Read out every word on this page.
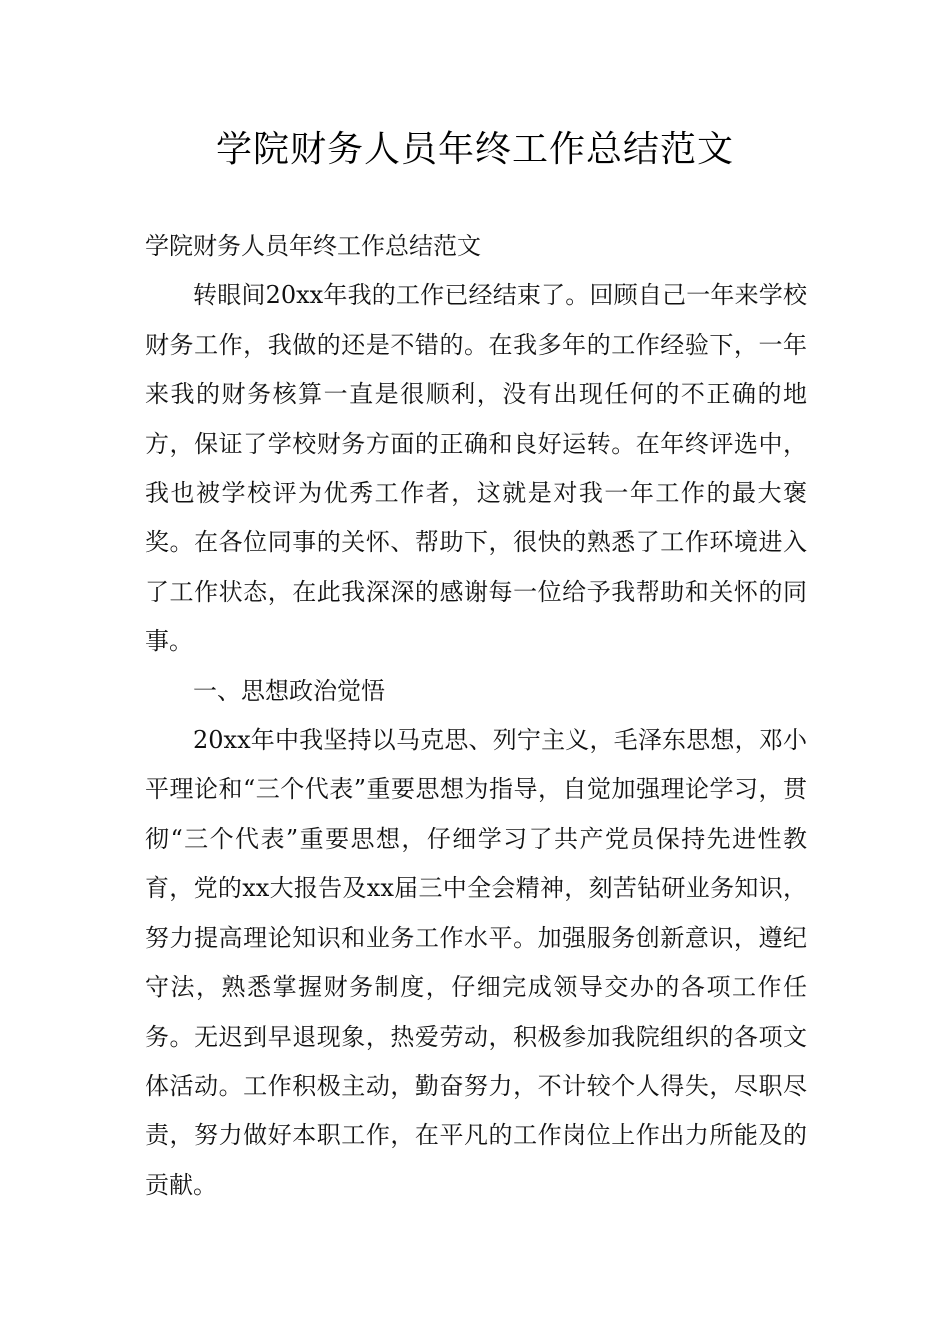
学院财务人员年终工作总结范文

学院财务人员年终工作总结范文

转眼间20xx年我的工作已经结束了。回顾自己一年来学校财务工作，我做的还是不错的。在我多年的工作经验下，一年来我的财务核算一直是很顺利，没有出现任何的不正确的地方，保证了学校财务方面的正确和良好运转。在年终评选中，我也被学校评为优秀工作者，这就是对我一年工作的最大褒奖。在各位同事的关怀、帮助下，很快的熟悉了工作环境进入了工作状态，在此我深深的感谢每一位给予我帮助和关怀的同事。

一、思想政治觉悟

20xx年中我坚持以马克思、列宁主义，毛泽东思想，邓小平理论和“三个代表”重要思想为指导，自觉加强理论学习，贯彻“三个代表”重要思想，仔细学习了共产党员保持先进性教育，党的xx大报告及xx届三中全会精神，刻苦钻研业务知识，努力提高理论知识和业务工作水平。加强服务创新意识，遵纪守法，熟悉掌握财务制度，仔细完成领导交办的各项工作任务。无迟到早退现象，热爱劳动，积极参加我院组织的各项文体活动。工作积极主动，勤奋努力，不计较个人得失，尽职尽责，努力做好本职工作，在平凡的工作岗位上作出力所能及的贡献。
